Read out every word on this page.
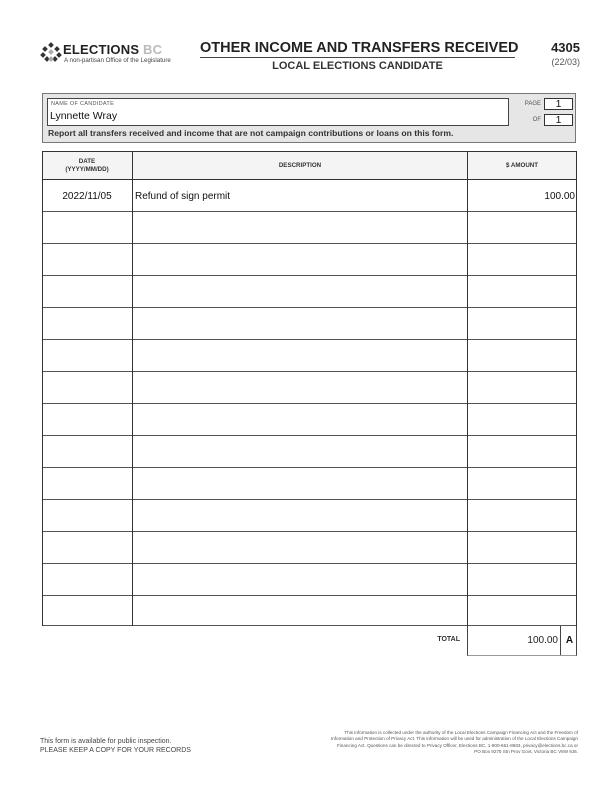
ELECTIONS BC
A non-partisan Office of the Legislature
OTHER INCOME AND TRANSFERS RECEIVED
LOCAL ELECTIONS CANDIDATE
4305
(22/03)
NAME OF CANDIDATE
Lynnette Wray
PAGE	1
OF	1
Report all transfers received and income that are not campaign contributions or loans on this form.
DATE
(YYYY/MM/DD)
DESCRIPTION	$ AMOUNT
2022/11/05	Refund of sign permit	100.00
TOTAL	100.00 A
This form is available for public inspection.
PLEASE KEEP A COPY FOR YOUR RECORDS
This information is collected under the authority of the Local Elections Campaign Financing Act and the Freedom of Information and Protection of Privacy Act. This information will be used for administration of the Local Elections Campaign Financing Act. Questions can be directed to Privacy Officer, Elections BC, 1-800-661-8683, privacy@elections.bc.ca or PO Box 9275 Stn Prov Govt, Victoria BC V8W 9J6.
